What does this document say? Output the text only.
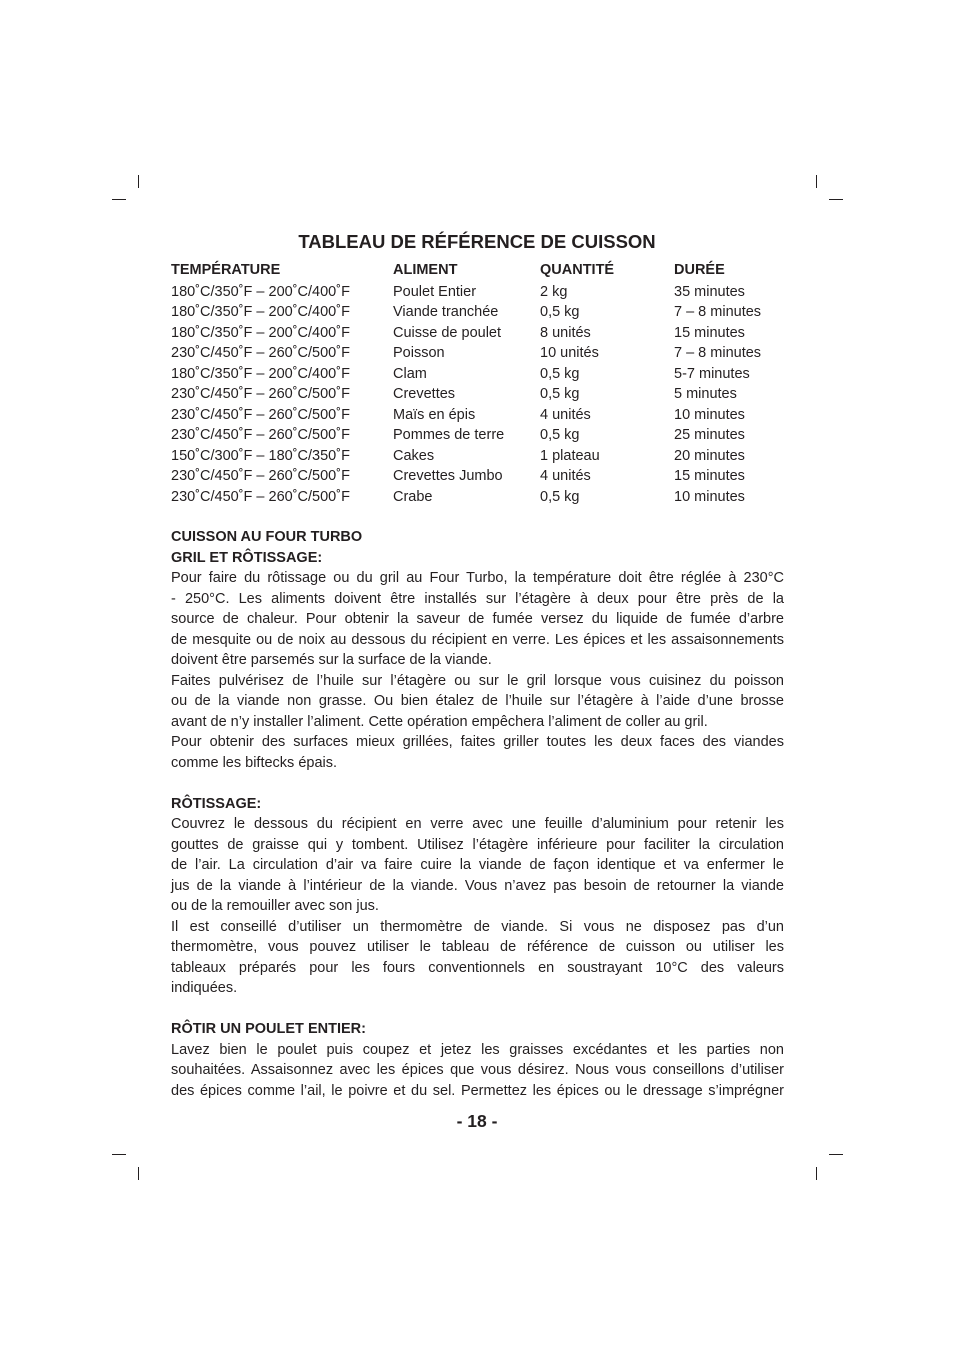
TABLEAU DE RÉFÉRENCE DE CUISSON
TEMPÉRATURE	ALIMENT	QUANTITÉ	DURÉE
180˚C/350˚F – 200˚C/400˚F	Poulet Entier	2 kg	35 minutes
180˚C/350˚F – 200˚C/400˚F	Viande tranchée	0,5 kg	7 – 8 minutes
180˚C/350˚F – 200˚C/400˚F	Cuisse de poulet	8 unités	15 minutes
230˚C/450˚F – 260˚C/500˚F	Poisson	10 unités	7 – 8 minutes
180˚C/350˚F – 200˚C/400˚F	Clam	0,5 kg	5-7 minutes
230˚C/450˚F – 260˚C/500˚F	Crevettes	0,5 kg	5 minutes
230˚C/450˚F – 260˚C/500˚F	Maïs en épis	4 unités	10 minutes
230˚C/450˚F – 260˚C/500˚F	Pommes de terre	0,5 kg	25 minutes
150˚C/300˚F – 180˚C/350˚F	Cakes	1 plateau	20 minutes
230˚C/450˚F – 260˚C/500˚F	Crevettes Jumbo	4 unités	15 minutes
230˚C/450˚F – 260˚C/500˚F	Crabe	0,5 kg	10 minutes
CUISSON AU FOUR TURBO
GRIL ET RÔTISSAGE:
Pour faire du rôtissage ou du gril au Four Turbo, la température doit être réglée à 230°C
- 250°C. Les aliments doivent être installés sur l’étagère à deux pour être près de la
source de chaleur. Pour obtenir la saveur de fumée versez du liquide de fumée d’arbre
de mesquite ou de noix au dessous du récipient en verre. Les épices et les assaisonnements
doivent être parsemés sur la surface de la viande.
Faites pulvérisez de l’huile sur l’étagère ou sur le gril lorsque vous cuisinez du poisson
ou de la viande non grasse. Ou bien étalez de l’huile sur l’étagère à l’aide d’une brosse
avant de n’y installer l’aliment. Cette opération empêchera l’aliment de coller au gril.
Pour obtenir des surfaces mieux grillées, faites griller toutes les deux faces des viandes
comme les biftecks épais.
RÔTISSAGE:
Couvrez le dessous du récipient en verre avec une feuille d’aluminium pour retenir les
gouttes de graisse qui y tombent. Utilisez l’étagère inférieure pour faciliter la circulation
de l’air. La circulation d’air va faire cuire la viande de façon identique et va enfermer le
jus de la viande à l’intérieur de la viande. Vous n’avez pas besoin de retourner la viande
ou de la remouiller avec son jus.
Il est conseillé d’utiliser un thermomètre de viande. Si vous ne disposez pas d’un
thermomètre, vous pouvez utiliser le tableau de référence de cuisson ou utiliser les
tableaux préparés pour les fours conventionnels en soustrayant 10°C des valeurs
indiquées.
RÔTIR UN POULET ENTIER:
Lavez bien le poulet puis coupez et jetez les graisses excédantes et les parties non
souhaitées. Assaisonnez avec les épices que vous désirez. Nous vous conseillons d’utiliser
des épices comme l’ail, le poivre et du sel. Permettez les épices ou le dressage s’imprégner
- 18 -
